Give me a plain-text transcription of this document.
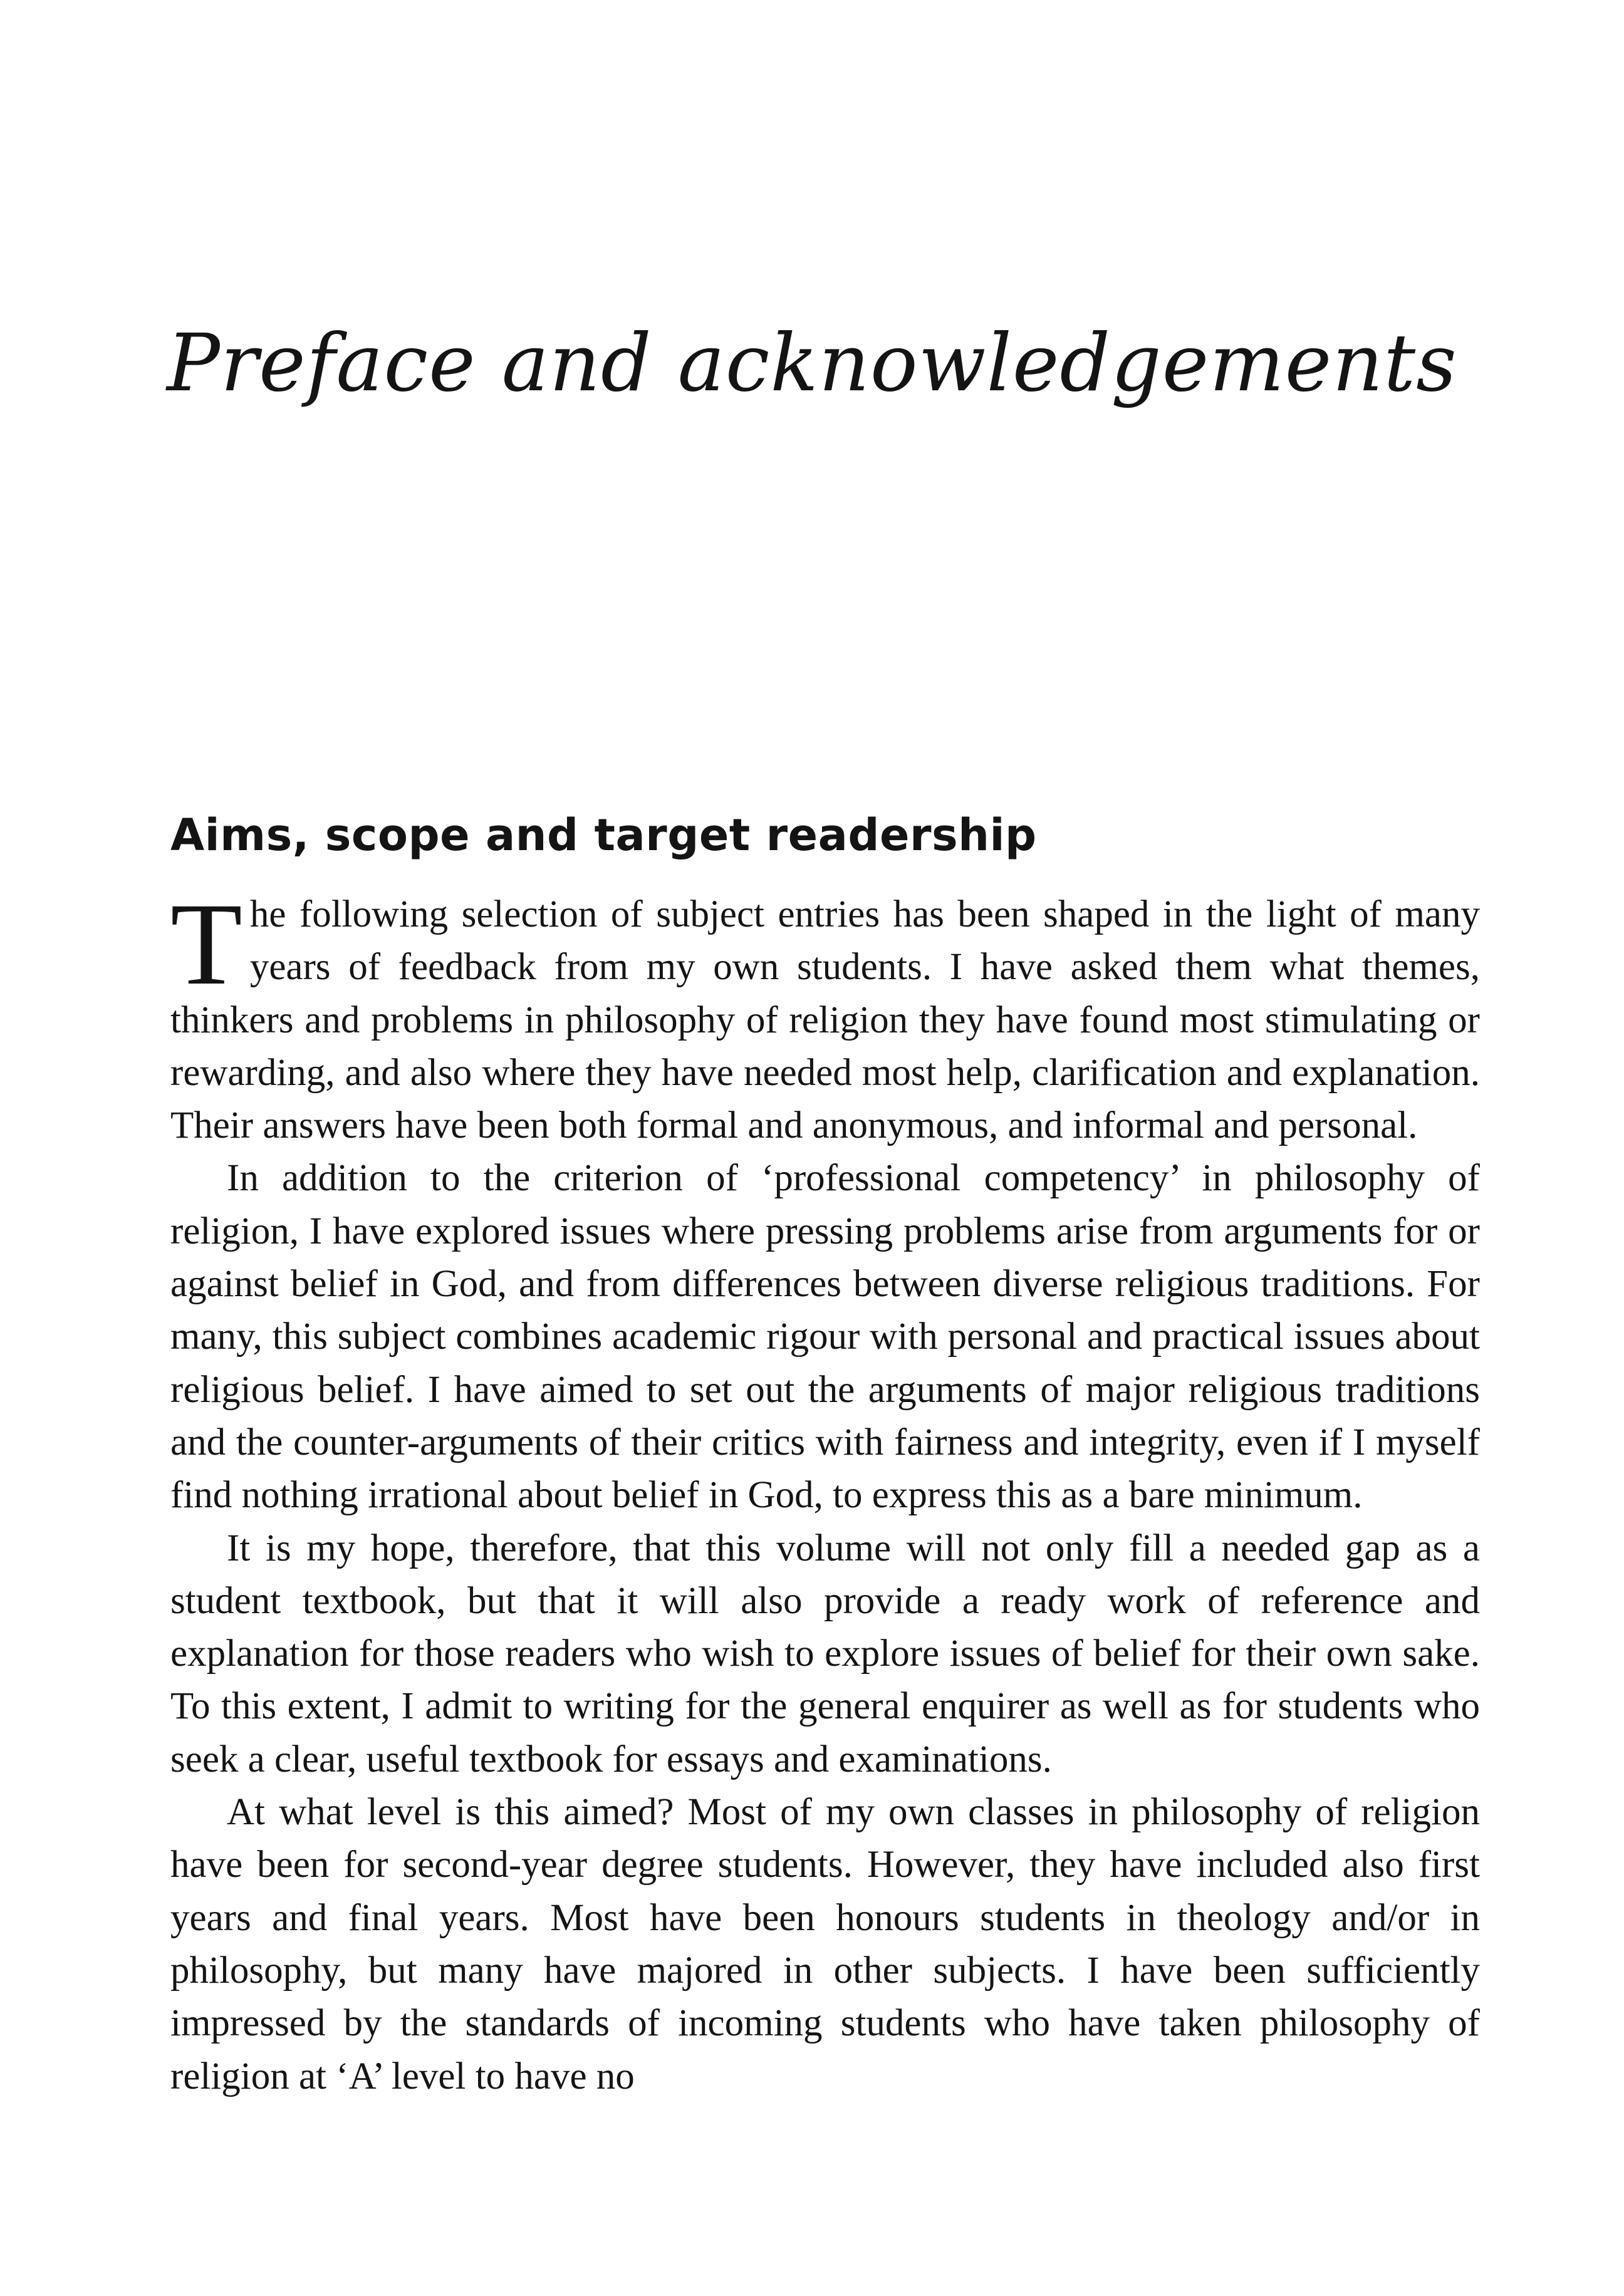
Preface and acknowledgements
Aims, scope and target readership

The following selection of subject entries has been shaped in the light of many years of feedback from my own students. I have asked them what themes, thinkers and problems in philosophy of religion they have found most stimulating or rewarding, and also where they have needed most help, clarification and explanation. Their answers have been both formal and anonymous, and informal and personal.

In addition to the criterion of ‘professional competency’ in philosophy of religion, I have explored issues where pressing problems arise from arguments for or against belief in God, and from differences between diverse religious traditions. For many, this subject combines academic rigour with personal and practical issues about religious belief. I have aimed to set out the arguments of major religious traditions and the counter-arguments of their critics with fairness and integrity, even if I myself find nothing irrational about belief in God, to express this as a bare minimum.

It is my hope, therefore, that this volume will not only fill a needed gap as a student textbook, but that it will also provide a ready work of reference and explanation for those readers who wish to explore issues of belief for their own sake. To this extent, I admit to writing for the general enquirer as well as for students who seek a clear, useful textbook for essays and examinations.

At what level is this aimed? Most of my own classes in philosophy of religion have been for second-year degree students. However, they have included also first years and final years. Most have been honours students in theology and/or in philosophy, but many have majored in other subjects. I have been sufficiently impressed by the standards of incoming students who have taken philosophy of religion at ‘A’ level to have no
